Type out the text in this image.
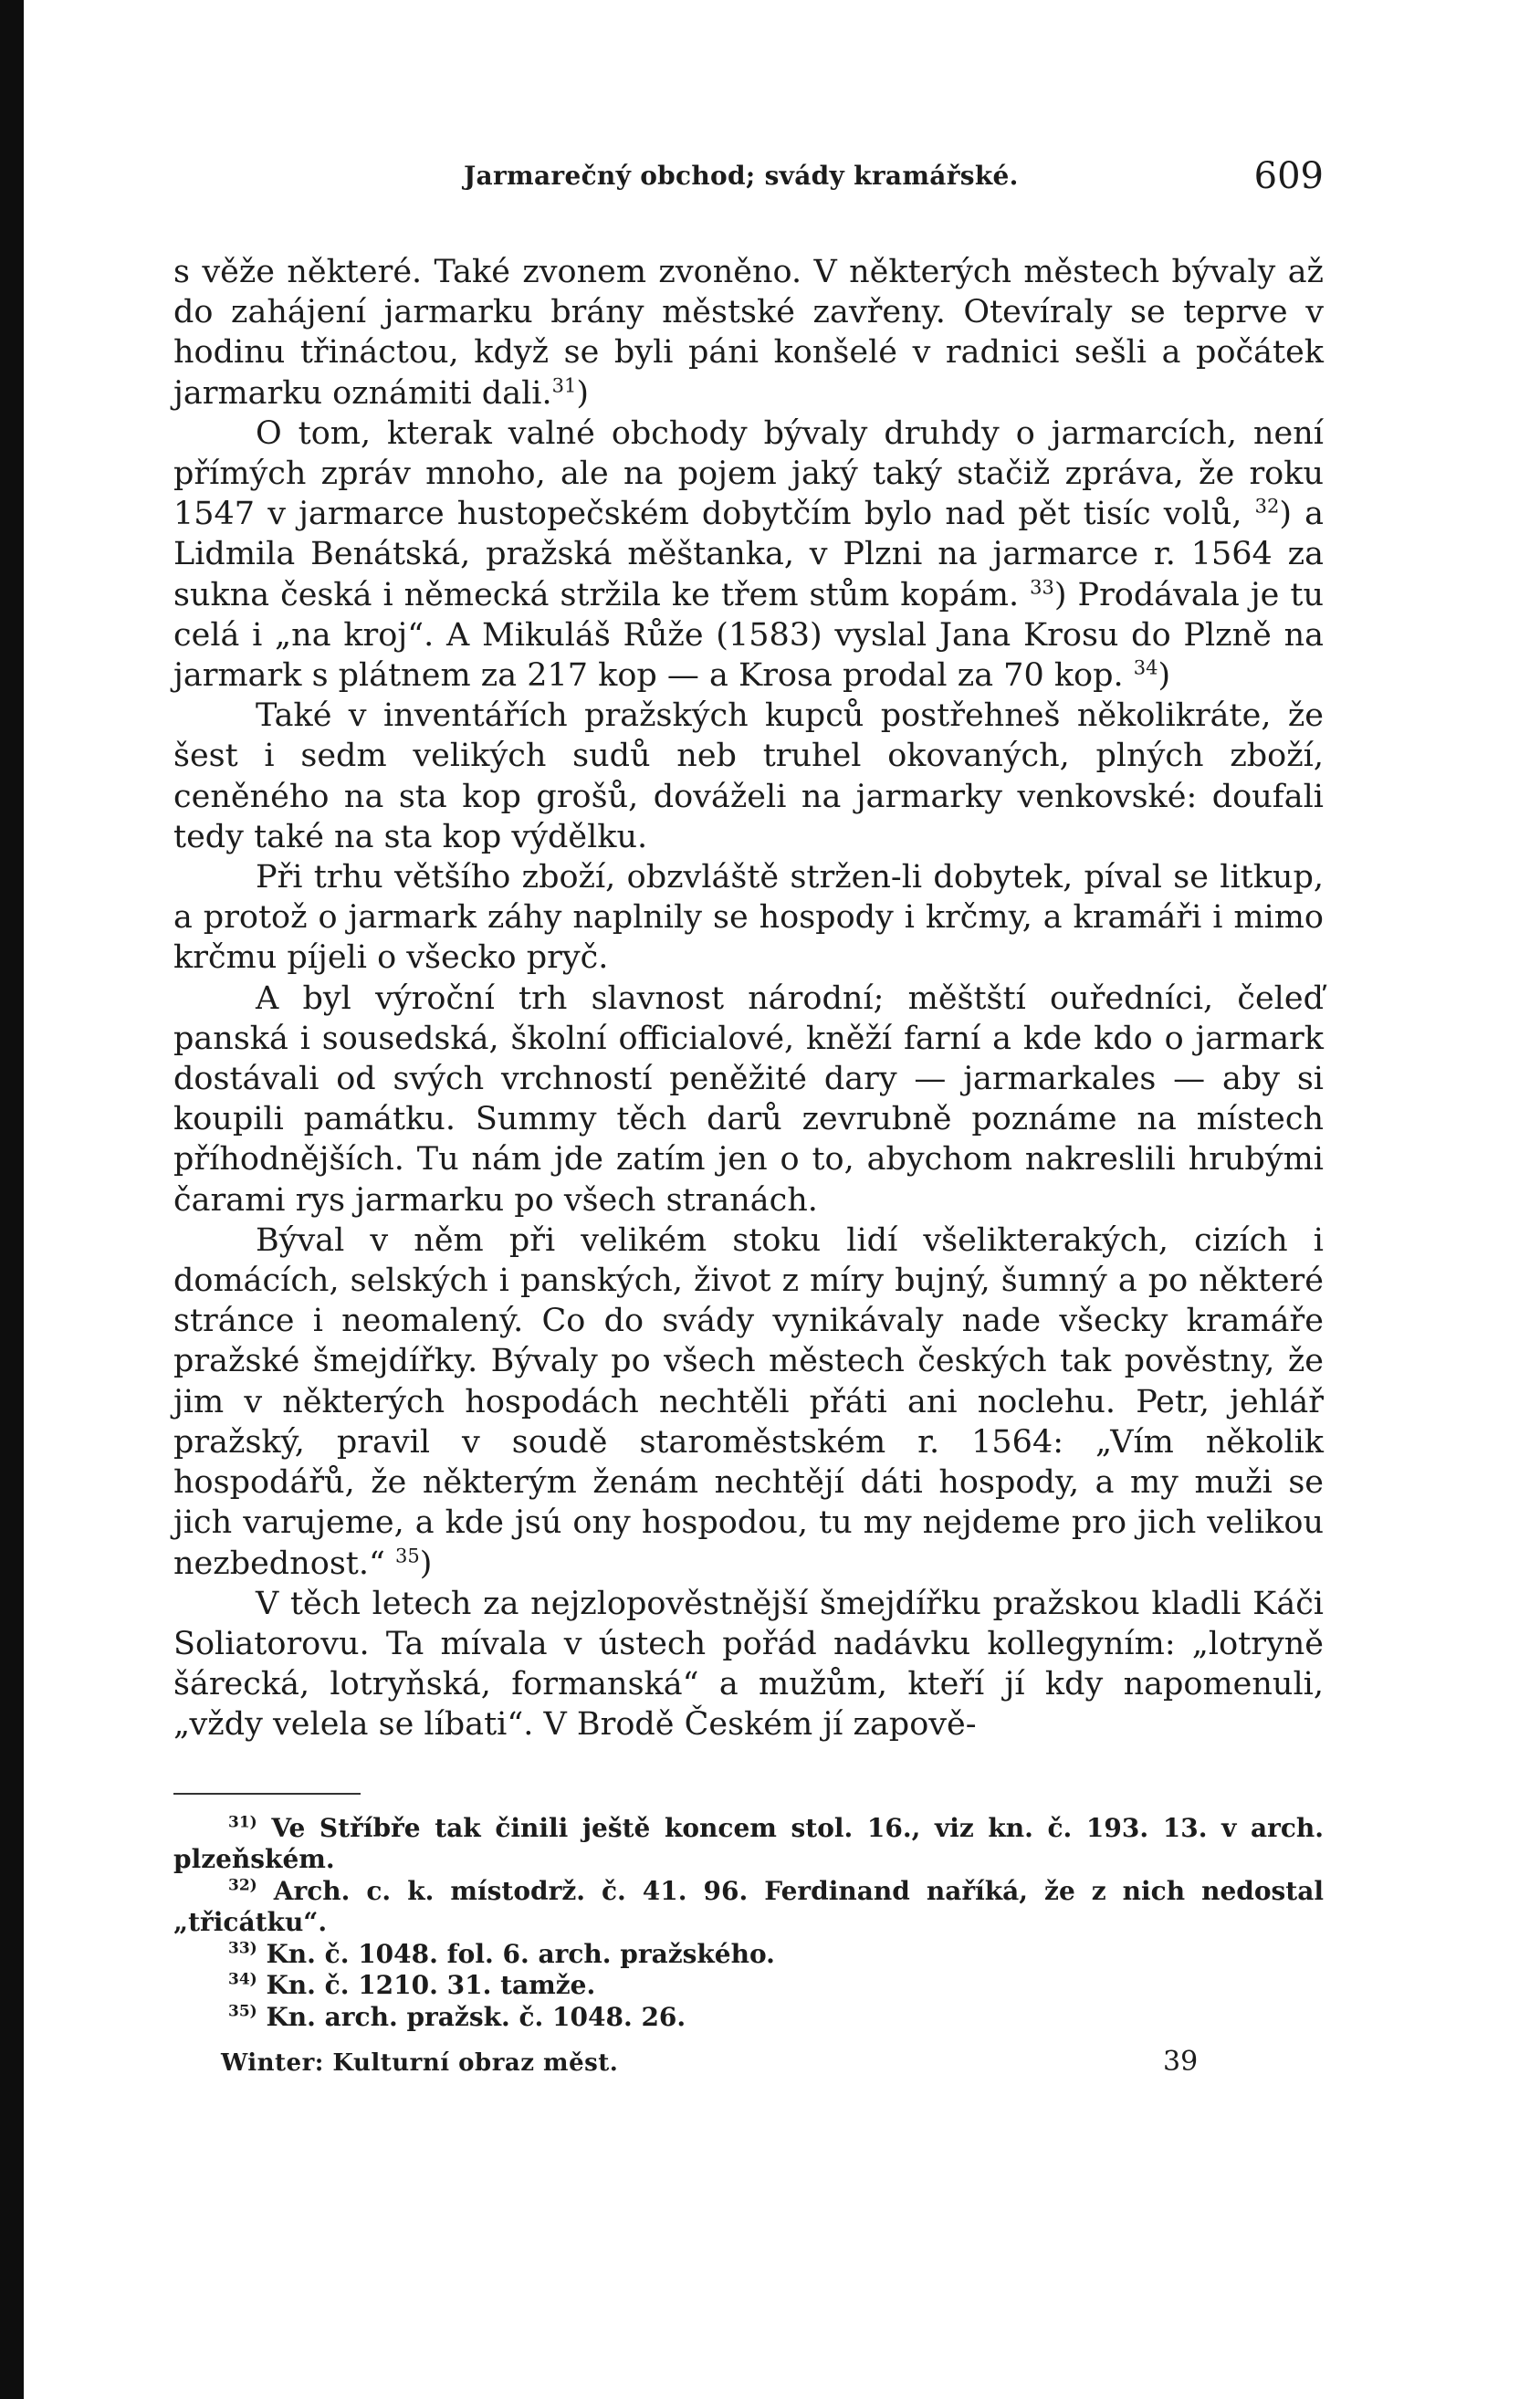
Jarmarečný obchod; svády kramářské.	609

s věže některé. Také zvonem zvoněno. V některých městech bývaly až do zahájení jarmarku brány městské zavřeny. Otevíraly se teprve v hodinu třináctou, když se byli páni konšelé v radnici sešli a počátek jarmarku oznámiti dali.$^{31}$)

O tom, kterak valné obchody bývaly druhdy o jarmarcích, není přímých zpráv mnoho, ale na pojem jaký taký stačiž zpráva, že roku 1547 v jarmarce hustopečském dobytčím bylo nad pět tisíc volů, $^{32}$) a Lidmila Benátská, pražská měštanka, v Plzni na jarmarce r. 1564 za sukna česká i německá stržila ke třem stům kopám. $^{33}$) Prodávala je tu celá i „na kroj“. A Mikuláš Růže (1583) vyslal Jana Krosu do Plzně na jarmark s plátnem za 217 kop — a Krosa prodal za 70 kop. $^{34}$)

Také v inventářích pražských kupců postřehneš několikráte, že šest i sedm velikých sudů neb truhel okovaných, plných zboží, ceněného na sta kop grošů, dováželi na jarmarky venkovské: doufali tedy také na sta kop výdělku.

Při trhu většího zboží, obzvláště stržen-li dobytek, píval se litkup, a protož o jarmark záhy naplnily se hospody i krčmy, a kramáři i mimo krčmu píjeli o všecko pryč.

A byl výroční trh slavnost národní; měštští ouředníci, čeleď panská i sousedská, školní officialové, kněží farní a kde kdo o jarmark dostávali od svých vrchností peněžité dary — jarmarkales — aby si koupili památku. Summy těch darů zevrubně poznáme na místech příhodnějších. Tu nám jde zatím jen o to, abychom nakreslili hrubými čarami rys jarmarku po všech stranách.

Býval v něm při velikém stoku lidí všelikterakých, cizích i domácích, selských i panských, život z míry bujný, šumný a po některé stránce i neomalený. Co do svády vynikávaly nade všecky kramáře pražské šmejdířky. Bývaly po všech městech českých tak pověstny, že jim v některých hospodách nechtěli přáti ani noclehu. Petr, jehlář pražský, pravil v soudě staroměstském r. 1564: „Vím několik hospodářů, že některým ženám nechtějí dáti hospody, a my muži se jich varujeme, a kde jsú ony hospodou, tu my nejdeme pro jich velikou nezbednost.“ $^{35}$)

V těch letech za nejzlopověstnější šmejdířku pražskou kladli Káči Soliatorovu. Ta mívala v ústech pořád nadávku kollegyním: „lotryně šárecká, lotryňská, formanská“ a mužům, kteří jí kdy napomenuli, „vždy velela se líbati“. V Brodě Českém jí zapově-

$^{31)}$ Ve Stříbře tak činili ještě koncem stol. 16., viz kn. č. 193. 13. v arch. plzeňském.

$^{32)}$ Arch. c. k. místodrž. č. 41. 96. Ferdinand naříká, že z nich nedostal „třicátku“.

$^{33)}$ Kn. č. 1048. fol. 6. arch. pražského.

$^{34)}$ Kn. č. 1210. 31. tamže.

$^{35)}$ Kn. arch. pražsk. č. 1048. 26.

Winter: Kulturní obraz měst.	39
